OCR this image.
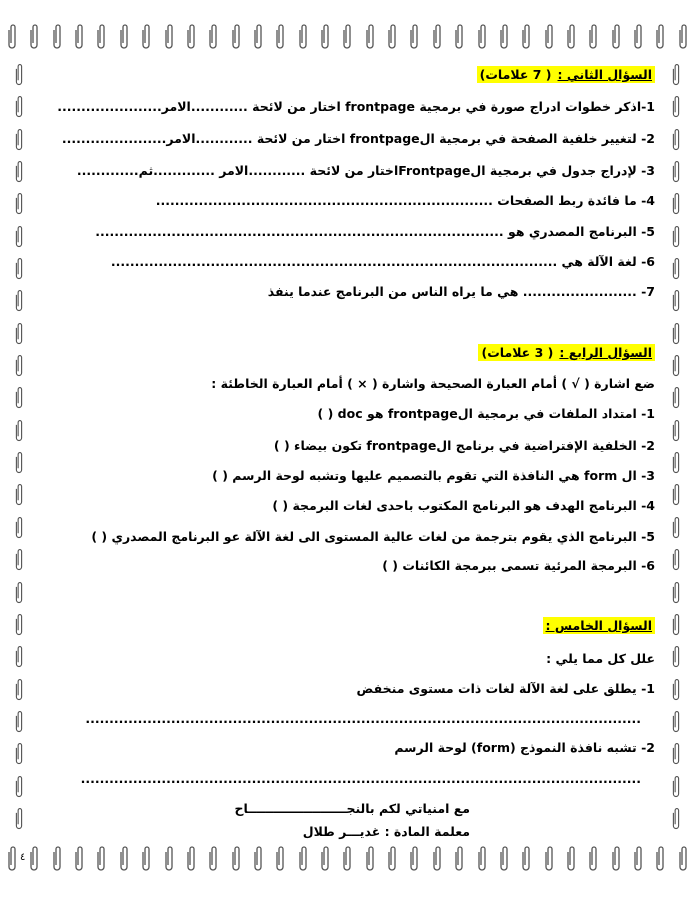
السؤال الثاني :( 7 علامات)
1-اذكر خطوات ادراج صورة في برمجية frontpage اختار من لائحة ............الامر......................
2- لتغيير خلفية الصفحة في برمجية الfrontpage اختار من لائحة ............الامر......................
3- لإدراج جدول في برمجية الFrontpageاختار من لائحة ............الامر .............ثم.............
4- ما فائدة ربط الصفحات .......................................................................
5- البرنامج المصدري هو ......................................................................................
6- لغة الآلة هي ..............................................................................................
7- ........................ هي ما يراه الناس من البرنامج عندما ينفذ
السؤال الرابع :( 3 علامات)
ضع اشارة ( √ ) أمام العبارة الصحيحة واشارة ( × ) أمام العبارة الخاطئة :
1- امتداد الملفات في برمجية الfrontpage هو doc ( )
2- الخلفية الإفتراضية في برنامج الfrontpage تكون بيضاء ( )
3- ال form هي النافذة التي تقوم بالتصميم عليها وتشبه لوحة الرسم ( )
4- البرنامج الهدف هو البرنامج المكتوب باحدى لغات البرمجة ( )
5- البرنامج الذي يقوم بترجمة من لغات عالية المستوى الى لغة الآلة عو البرنامج المصدري ( )
6- البرمجة المرئية تسمى ببرمجة الكائنات ( )
السؤال الخامس :
علل كل مما يلي :
1- يطلق على لغة الآلة لغات ذات مستوى منخفض
.....................................................................................................................
2- تشبه نافذة النموذج (form) لوحة الرسم
......................................................................................................................
مع امنياتي لكم بالنجـــــــــــــــــــــــاح
معلمة المادة : غديـــر طلال
٤
